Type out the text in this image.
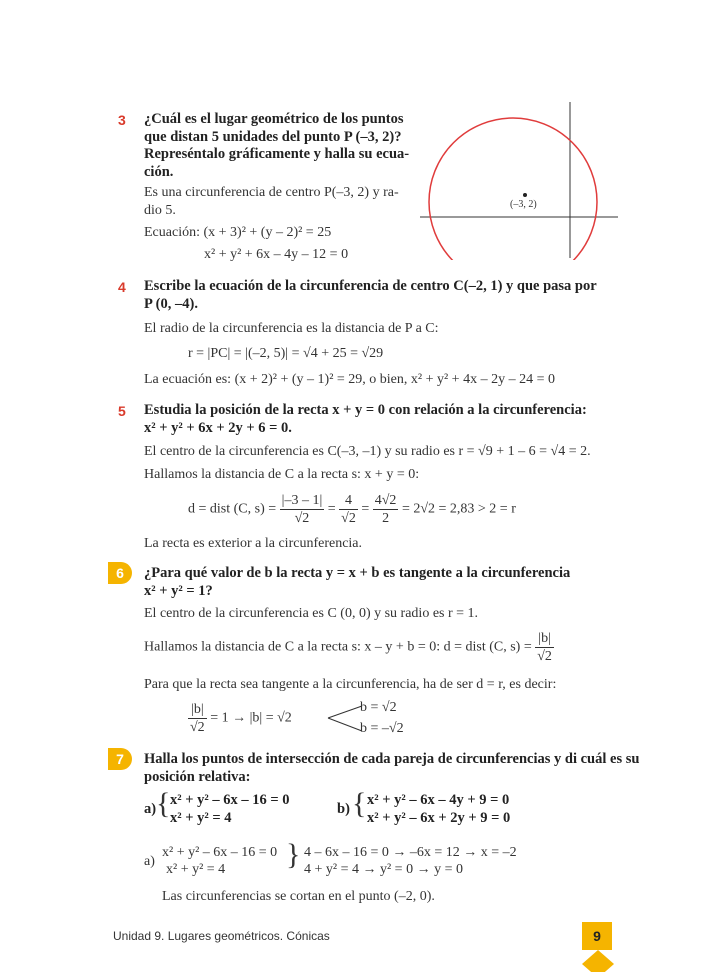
3 ¿Cuál es el lugar geométrico de los puntos
que distan 5 unidades del punto P (–3, 2)?
Represéntalo gráficamente y halla su ecua-
ción.
Es una circunferencia de centro P(–3, 2) y ra-
dio 5.
Ecuación: (x + 3)² + (y – 2)² = 25
x² + y² + 6x – 4y – 12 = 0
(–3, 2)
4 Escribe la ecuación de la circunferencia de centro C(–2, 1) y que pasa por
P (0, –4).
El radio de la circunferencia es la distancia de P a C:
r = |PC| = |(–2, 5)| = √4 + 25 = √29
La ecuación es: (x + 2)² + (y – 1)² = 29, o bien, x² + y² + 4x – 2y – 24 = 0
5 Estudia la posición de la recta x + y = 0 con relación a la circunferencia:
x² + y² + 6x + 2y + 6 = 0.
El centro de la circunferencia es C(–3, –1) y su radio es r = √9 + 1 – 6 = √4 = 2.
Hallamos la distancia de C a la recta s: x + y = 0:
d = dist (C, $s) = \frac{|-3 - 1|}{√2} = \frac{4}{√2} = \frac{4√2}{2} = 2√2 = 2,83 > 2 = r$
La recta es exterior a la circunferencia.
6	¿Para qué valor de b la recta y = x + b es tangente a la circunferencia
x² + y² = 1?
El centro de la circunferencia es C (0, 0) y su radio es r = 1.
Hallamos la distancia de C a la recta s: x – y + b = 0: d = dist (C, $s) = \frac{|b|}{√2}$
Para que la recta sea tangente a la circunferencia, ha de ser d = r, es decir:
$\frac{|b|}{√2} = 1 \to |b| = √2$
b = √2
b = –√2
7	Halla los puntos de intersección de cada pareja de circunferencias y di cuál es su
posición relativa:
a) { x² + y² – 6x – 16 = 0
x² + y² = 4
b) { x² + y² – 6x – 4y + 9 = 0
x² + y² – 6x + 2y + 9 = 0
a)
x² + y² – 6x – 16 = 0
x² + y² = 4	} 4 – 6x – 16 = 0 → –6x = 12 → x = –2
4 + y² = 4 → y² = 0 → y = 0
Las circunferencias se cortan en el punto (–2, 0).
Unidad 9. Lugares geométricos. Cónicas	9
